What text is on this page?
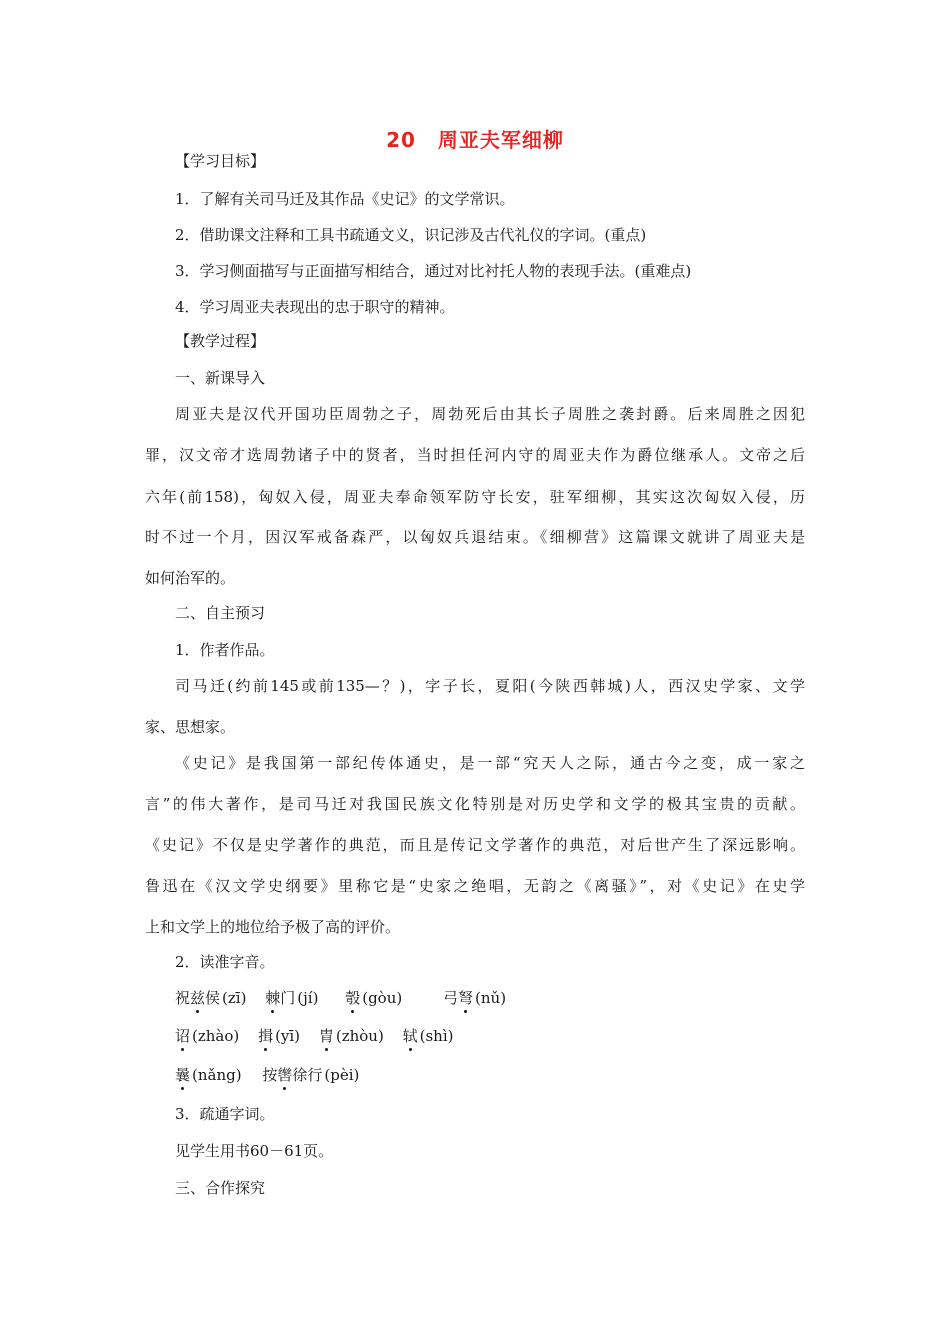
20 周亚夫军细柳
【学习目标】
1．了解有关司马迁及其作品《史记》的文学常识。
2．借助课文注释和工具书疏通文义，识记涉及古代礼仪的字词。(重点)
3．学习侧面描写与正面描写相结合，通过对比衬托人物的表现手法。(重难点)
4．学习周亚夫表现出的忠于职守的精神。
【教学过程】
一、新课导入
周亚夫是汉代开国功臣周勃之子，周勃死后由其长子周胜之袭封爵。后来周胜之因犯
罪，汉文帝才选周勃诸子中的贤者，当时担任河内守的周亚夫作为爵位继承人。文帝之后
六年(前158)，匈奴入侵，周亚夫奉命领军防守长安，驻军细柳，其实这次匈奴入侵，历
时不过一个月，因汉军戒备森严，以匈奴兵退结束。《细柳营》这篇课文就讲了周亚夫是
如何治军的。
二、自主预习
1．作者作品。
司马迁(约前145或前135—？)，字子长，夏阳(今陕西韩城)人，西汉史学家、文学
家、思想家。
《史记》是我国第一部纪传体通史，是一部“究天人之际，通古今之变，成一家之
言”的伟大著作，是司马迁对我国民族文化特别是对历史学和文学的极其宝贵的贡献。
《史记》不仅是史学著作的典范，而且是传记文学著作的典范，对后世产生了深远影响。
鲁迅在《汉文学史纲要》里称它是“史家之绝唱，无韵之《离骚》”，对《史记》在史学
上和文学上的地位给予极了高的评价。
2．读准字音。
祝兹侯 (zī) 棘门 (jí) 彀 (gòu)	弓弩 (nǔ)
诏 (zhào) 揖 (yī) 胄 (zhòu) 轼 (shì)
曩 (nǎng) 按辔徐行 (pèi)
3．疏通字词。
见学生用书60－61页。
三、合作探究
